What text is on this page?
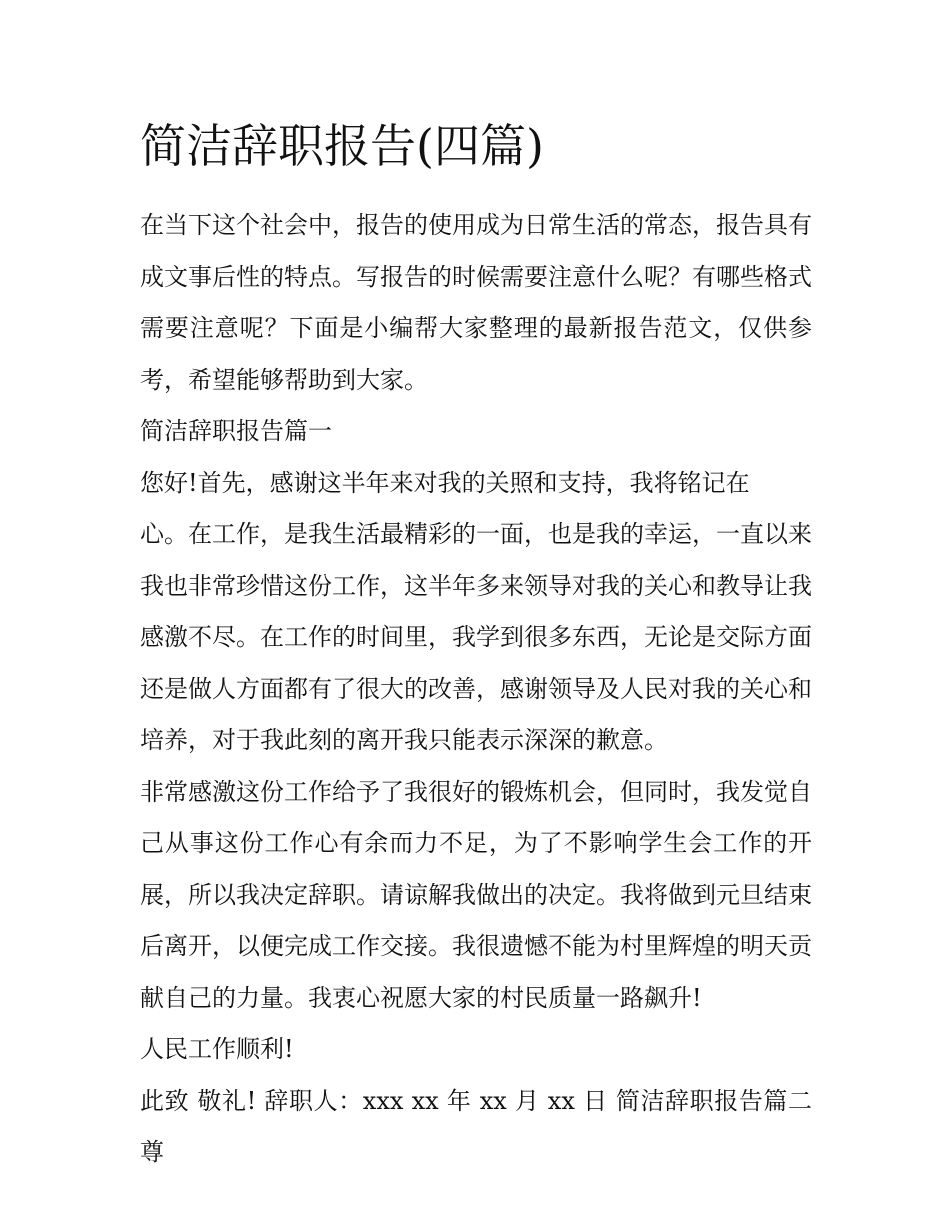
简洁辞职报告(四篇)

在当下这个社会中，报告的使用成为日常生活的常态，报告具有成文事后性的特点。写报告的时候需要注意什么呢？有哪些格式需要注意呢？下面是小编帮大家整理的最新报告范文，仅供参考，希望能够帮助到大家。

简洁辞职报告篇一

您好!首先，感谢这半年来对我的关照和支持，我将铭记在

心。在工作，是我生活最精彩的一面，也是我的幸运，一直以来我也非常珍惜这份工作，这半年多来领导对我的关心和教导让我感激不尽。在工作的时间里，我学到很多东西，无论是交际方面还是做人方面都有了很大的改善，感谢领导及人民对我的关心和培养，对于我此刻的离开我只能表示深深的歉意。

非常感激这份工作给予了我很好的锻炼机会，但同时，我发觉自己从事这份工作心有余而力不足，为了不影响学生会工作的开展，所以我决定辞职。请谅解我做出的决定。我将做到元旦结束后离开，以便完成工作交接。我很遗憾不能为村里辉煌的明天贡献自己的力量。我衷心祝愿大家的村民质量一路飙升!

人民工作顺利!

此致 敬礼! 辞职人：xxx xx 年 xx 月 xx 日 简洁辞职报告篇二 尊
